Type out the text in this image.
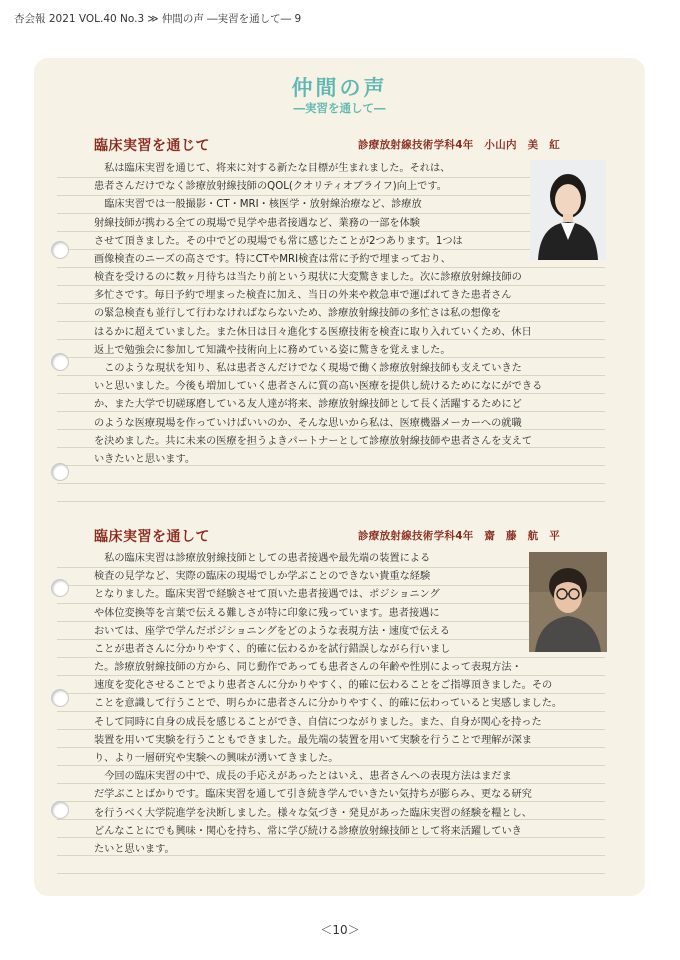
杏会報 2021 VOL.40 No.3 ≫ 仲間の声 ―実習を通して― 9
仲間の声
―実習を通して―
臨床実習を通じて	診療放射線技術学科4年　小山内　美　紅

私は臨床実習を通じて、将来に対する新たな目標が生まれました。それは、

患者さんだけでなく診療放射線技師のQOL(クオリティオブライフ)向上です。

臨床実習では一般撮影・CT・MRI・核医学・放射線治療など、診療放

射線技師が携わる全ての現場で見学や患者接遇など、業務の一部を体験

させて頂きました。その中でどの現場でも常に感じたことが2つあります。1つは

画像検査のニーズの高さです。特にCTやMRI検査は常に予約で埋まっており、

検査を受けるのに数ヶ月待ちは当たり前という現状に大変驚きました。次に診療放射線技師の

多忙さです。毎日予約で埋まった検査に加え、当日の外来や救急車で運ばれてきた患者さん

の緊急検査も並行して行わなければならないため、診療放射線技師の多忙さは私の想像を

はるかに超えていました。また休日は日々進化する医療技術を検査に取り入れていくため、休日

返上で勉強会に参加して知識や技術向上に務めている姿に驚きを覚えました。

このような現状を知り、私は患者さんだけでなく現場で働く診療放射線技師も支えていきた

いと思いました。今後も増加していく患者さんに質の高い医療を提供し続けるためになにができる

か、また大学で切磋琢磨している友人達が将来、診療放射線技師として長く活躍するためにど

のような医療現場を作っていけばいいのか、そんな思いから私は、医療機器メーカーへの就職

を決めました。共に未来の医療を担うよきパートナーとして診療放射線技師や患者さんを支えて

いきたいと思います。

臨床実習を通して	診療放射線技術学科4年　齋　藤　航　平

私の臨床実習は診療放射線技師としての患者接遇や最先端の装置による

検査の見学など、実際の臨床の現場でしか学ぶことのできない貴重な経験

となりました。臨床実習で経験させて頂いた患者接遇では、ポジショニング

や体位変換等を言葉で伝える難しさが特に印象に残っています。患者接遇に

おいては、座学で学んだポジショニングをどのような表現方法・速度で伝える

ことが患者さんに分かりやすく、的確に伝わるかを試行錯誤しながら行いまし

た。診療放射線技師の方から、同じ動作であっても患者さんの年齢や性別によって表現方法・

速度を変化させることでより患者さんに分かりやすく、的確に伝わることをご指導頂きました。その

ことを意識して行うことで、明らかに患者さんに分かりやすく、的確に伝わっていると実感しました。

そして同時に自身の成長を感じることができ、自信につながりました。また、自身が関心を持った

装置を用いて実験を行うこともできました。最先端の装置を用いて実験を行うことで理解が深ま

り、より一層研究や実験への興味が湧いてきました。

今回の臨床実習の中で、成長の手応えがあったとはいえ、患者さんへの表現方法はまだま

だ学ぶことばかりです。臨床実習を通して引き続き学んでいきたい気持ちが膨らみ、更なる研究

を行うべく大学院進学を決断しました。様々な気づき・発見があった臨床実習の経験を糧とし、

どんなことにでも興味・関心を持ち、常に学び続ける診療放射線技師として将来活躍していき

たいと思います。

＜10＞
